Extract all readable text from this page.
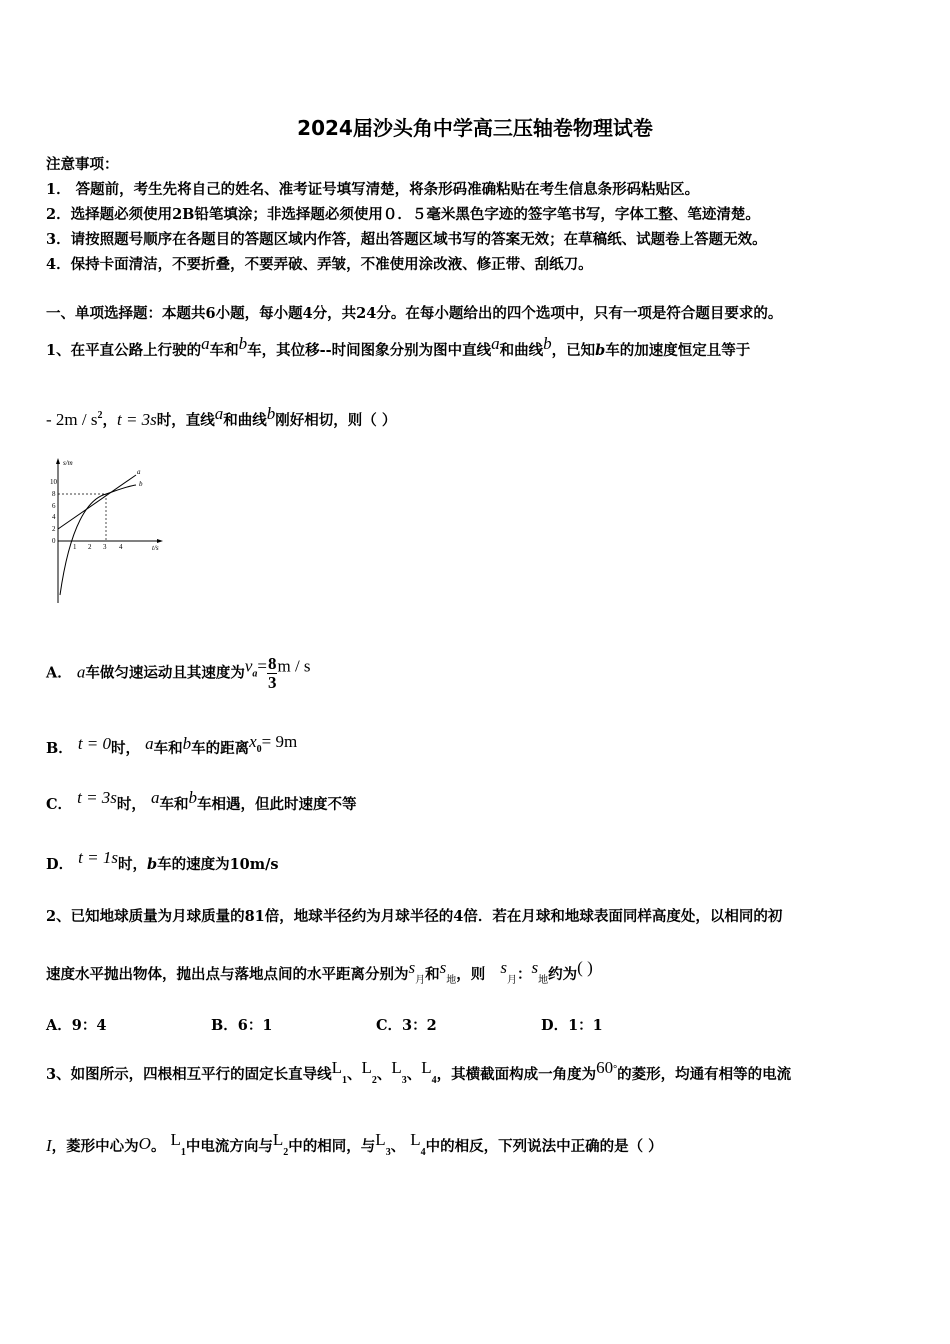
2024届沙头角中学高三压轴卷物理试卷
注意事项：
1． 答题前，考生先将自己的姓名、准考证号填写清楚，将条形码准确粘贴在考生信息条形码粘贴区。
2．选择题必须使用2B铅笔填涂；非选择题必须使用０．５毫米黑色字迹的签字笔书写，字体工整、笔迹清楚。
3．请按照题号顺序在各题目的答题区域内作答，超出答题区域书写的答案无效；在草稿纸、试题卷上答题无效。
4．保持卡面清洁，不要折叠，不要弄破、弄皱，不准使用涂改液、修正带、刮纸刀。
一、单项选择题：本题共6小题，每小题4分，共24分。在每小题给出的四个选项中，只有一项是符合题目要求的。
1、在平直公路上行驶的a车和b车，其位移--时间图象分别为图中直线a和曲线b，已知b车的加速度恒定且等于
- $2m / s^2$，t = 3s时，直线a和曲线b刚好相切，则（ ）
s/m
t/s
10
8
6
4
2
0
1 2 3 4
a
b
A． a车做匀速运动且其速度为$va= \frac{8}{3}$ m / s
B． t = 0时， a车和b车的距离x0= 9m
C． t = 3s时， a车和b车相遇，但此时速度不等
D． t = 1s时，b车的速度为10m/s
2、已知地球质量为月球质量的81倍，地球半径约为月球半径的4倍．若在月球和地球表面同样高度处，以相同的初
速度水平抛出物体，抛出点与落地点间的水平距离分别为$s_月$和$s_地$，则 $s_月$：$s_地$约为( )
A．9：4	B．6：1	C．3：2	D．1：1
3、如图所示，四根相互平行的固定长直导线$L_1$、$L_2$、$L_3$、$L_4$，其横截面构成一角度为60°的菱形，均通有相等的电流
I，菱形中心为O。 $L_1$中电流方向与$L_2$中的相同，与$L_3$、 $L_4$中的相反，下列说法中正确的是（ ）
